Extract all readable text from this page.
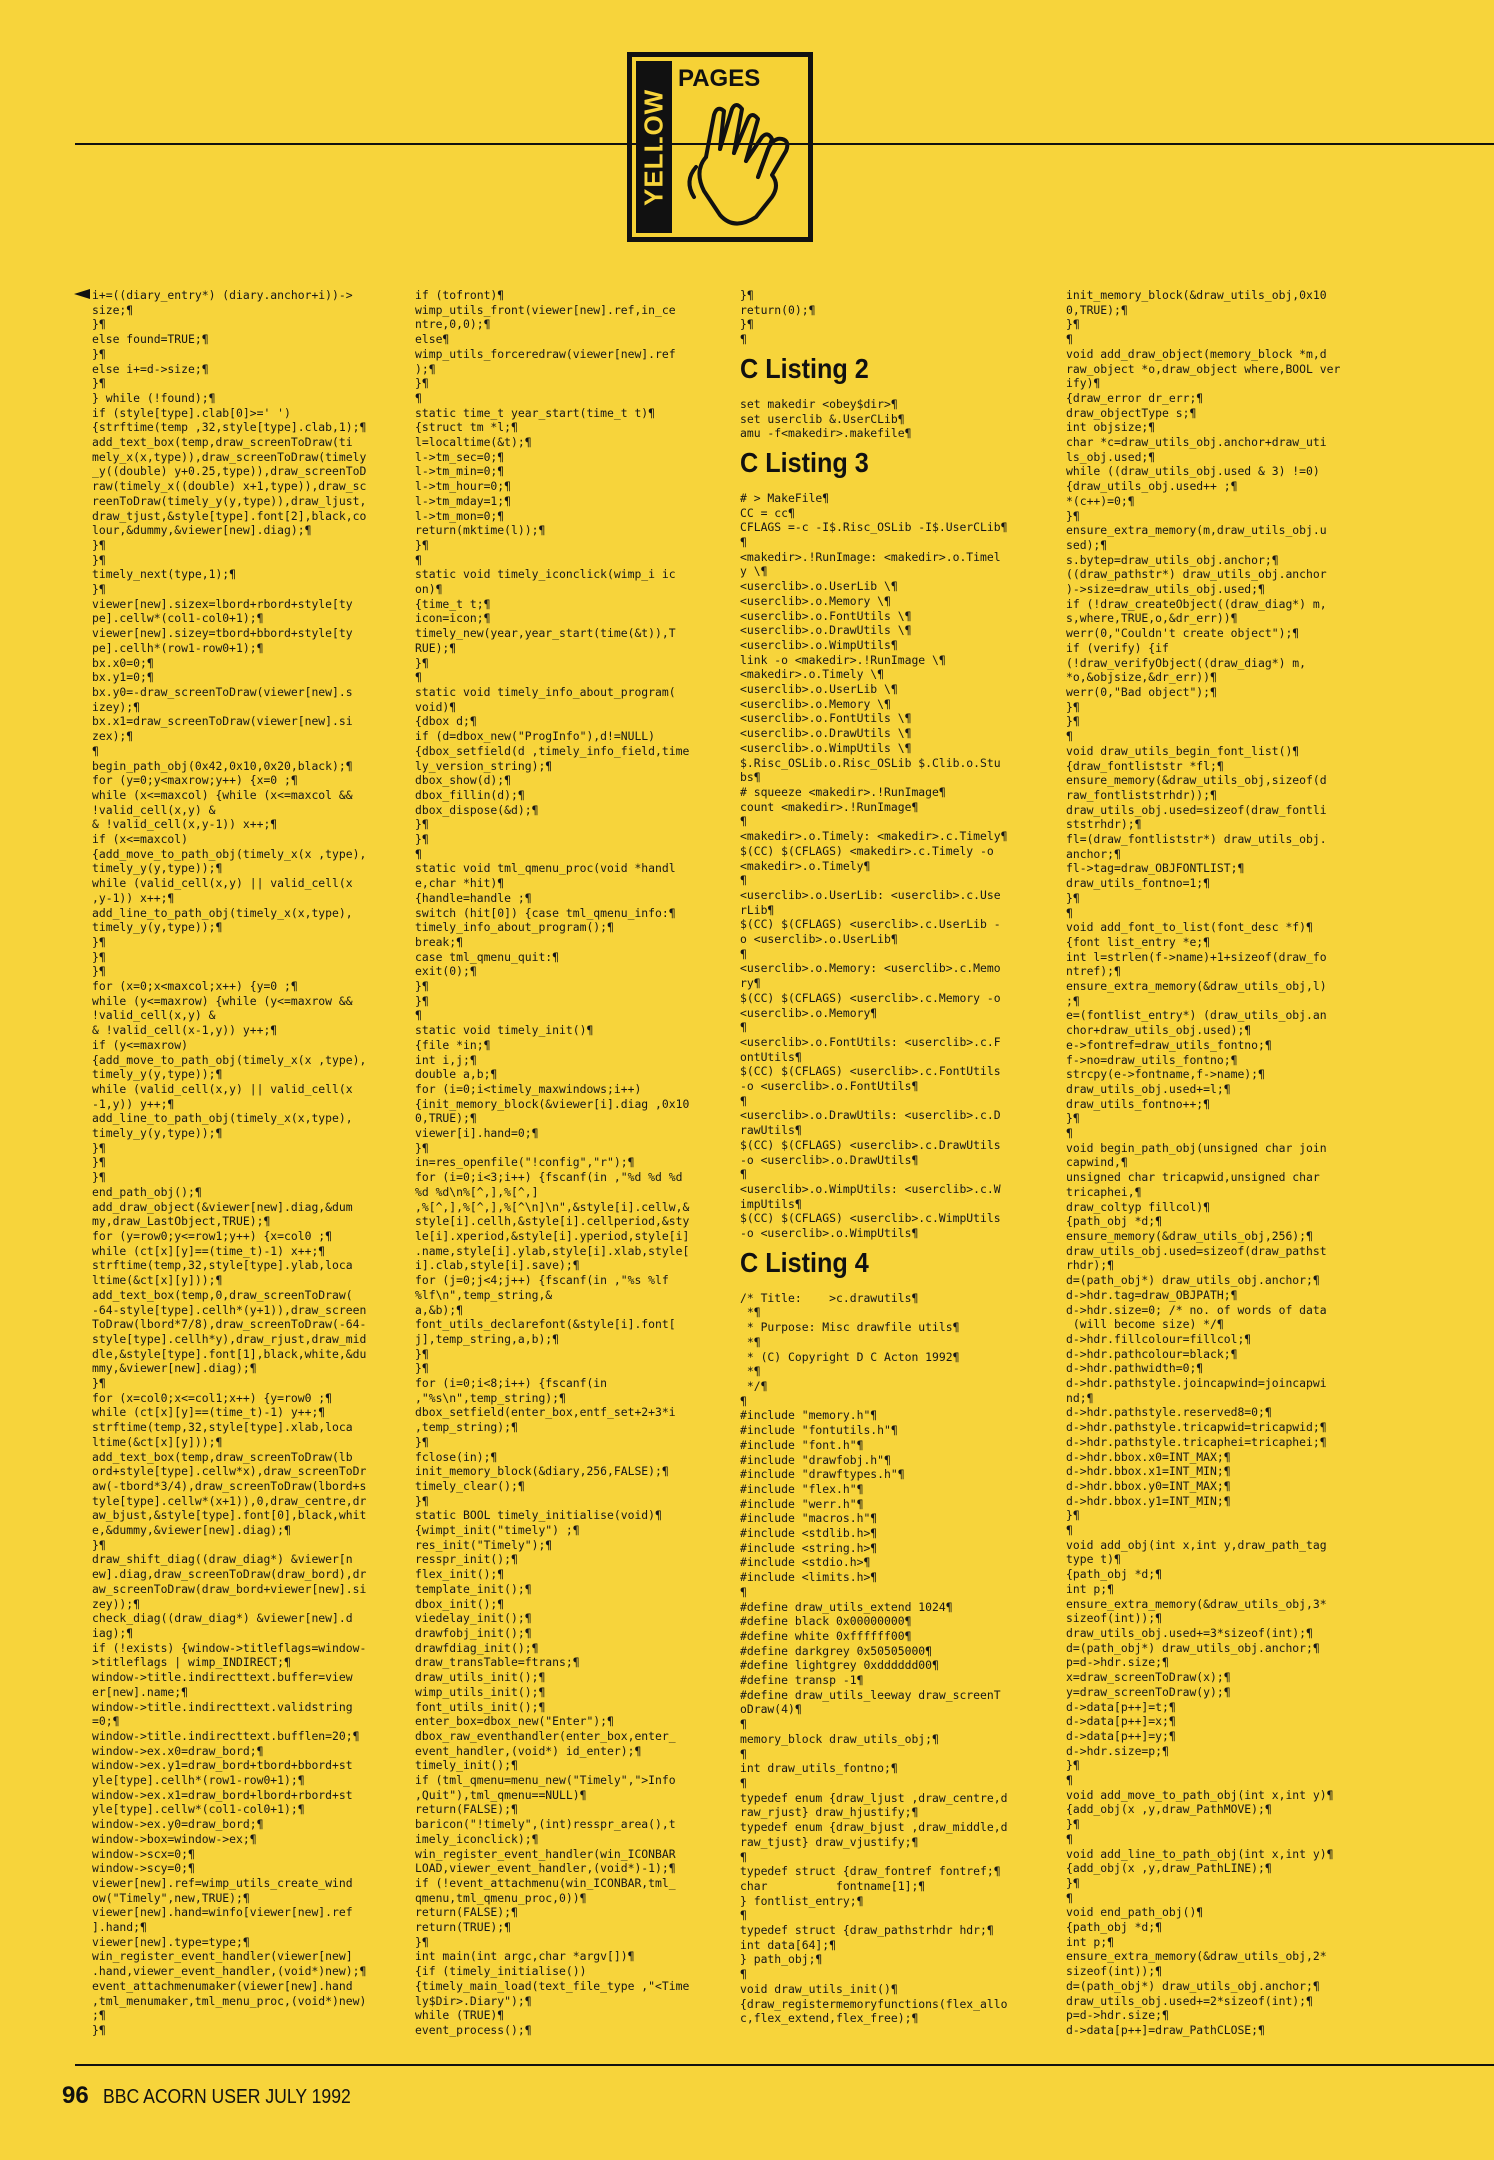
YELLOW
PAGES
i+=((diary_entry*) (diary.anchor+i))->
size;¶
}¶
else found=TRUE;¶
}¶
else i+=d->size;¶
}¶
} while (!found);¶
if (style[type].clab[0]>=' ')
{strftime(temp ,32,style[type].clab,1);¶
add_text_box(temp,draw_screenToDraw(ti
mely_x(x,type)),draw_screenToDraw(timely
_y((double) y+0.25,type)),draw_screenToD
raw(timely_x((double) x+1,type)),draw_sc
reenToDraw(timely_y(y,type)),draw_ljust,
draw_tjust,&style[type].font[2],black,co
lour,&dummy,&viewer[new].diag);¶
}¶
}¶
timely_next(type,1);¶
}¶
viewer[new].sizex=lbord+rbord+style[ty
pe].cellw*(col1-col0+1);¶
viewer[new].sizey=tbord+bbord+style[ty
pe].cellh*(row1-row0+1);¶
bx.x0=0;¶
bx.y1=0;¶
bx.y0=-draw_screenToDraw(viewer[new].s
izey);¶
bx.x1=draw_screenToDraw(viewer[new].si
zex);¶
¶
begin_path_obj(0x42,0x10,0x20,black);¶
for (y=0;y<maxrow;y++) {x=0 ;¶
while (x<=maxcol) {while (x<=maxcol &&
!valid_cell(x,y) &
& !valid_cell(x,y-1)) x++;¶
if (x<=maxcol)
{add_move_to_path_obj(timely_x(x ,type),
timely_y(y,type));¶
while (valid_cell(x,y) || valid_cell(x
,y-1)) x++;¶
add_line_to_path_obj(timely_x(x,type),
timely_y(y,type));¶
}¶
}¶
}¶
for (x=0;x<maxcol;x++) {y=0 ;¶
while (y<=maxrow) {while (y<=maxrow &&
!valid_cell(x,y) &
& !valid_cell(x-1,y)) y++;¶
if (y<=maxrow)
{add_move_to_path_obj(timely_x(x ,type),
timely_y(y,type));¶
while (valid_cell(x,y) || valid_cell(x
-1,y)) y++;¶
add_line_to_path_obj(timely_x(x,type),
timely_y(y,type));¶
}¶
}¶
}¶
end_path_obj();¶
add_draw_object(&viewer[new].diag,&dum
my,draw_LastObject,TRUE);¶
for (y=row0;y<=row1;y++) {x=col0 ;¶
while (ct[x][y]==(time_t)-1) x++;¶
strftime(temp,32,style[type].ylab,loca
ltime(&ct[x][y]));¶
add_text_box(temp,0,draw_screenToDraw(
-64-style[type].cellh*(y+1)),draw_screen
ToDraw(lbord*7/8),draw_screenToDraw(-64-
style[type].cellh*y),draw_rjust,draw_mid
dle,&style[type].font[1],black,white,&du
mmy,&viewer[new].diag);¶
}¶
for (x=col0;x<=col1;x++) {y=row0 ;¶
while (ct[x][y]==(time_t)-1) y++;¶
strftime(temp,32,style[type].xlab,loca
ltime(&ct[x][y]));¶
add_text_box(temp,draw_screenToDraw(lb
ord+style[type].cellw*x),draw_screenToDr
aw(-tbord*3/4),draw_screenToDraw(lbord+s
tyle[type].cellw*(x+1)),0,draw_centre,dr
aw_bjust,&style[type].font[0],black,whit
e,&dummy,&viewer[new].diag);¶
}¶
draw_shift_diag((draw_diag*) &viewer[n
ew].diag,draw_screenToDraw(draw_bord),dr
aw_screenToDraw(draw_bord+viewer[new].si
zey));¶
check_diag((draw_diag*) &viewer[new].d
iag);¶
if (!exists) {window->titleflags=window-
>titleflags | wimp_INDIRECT;¶
window->title.indirecttext.buffer=view
er[new].name;¶
window->title.indirecttext.validstring
=0;¶
window->title.indirecttext.bufflen=20;¶
window->ex.x0=draw_bord;¶
window->ex.y1=draw_bord+tbord+bbord+st
yle[type].cellh*(row1-row0+1);¶
window->ex.x1=draw_bord+lbord+rbord+st
yle[type].cellw*(col1-col0+1);¶
window->ex.y0=draw_bord;¶
window->box=window->ex;¶
window->scx=0;¶
window->scy=0;¶
viewer[new].ref=wimp_utils_create_wind
ow("Timely",new,TRUE);¶
viewer[new].hand=winfo[viewer[new].ref
].hand;¶
viewer[new].type=type;¶
win_register_event_handler(viewer[new]
.hand,viewer_event_handler,(void*)new);¶
event_attachmenumaker(viewer[new].hand
,tml_menumaker,tml_menu_proc,(void*)new)
;¶
}¶
if (tofront)¶
wimp_utils_front(viewer[new].ref,in_ce
ntre,0,0);¶
else¶
wimp_utils_forceredraw(viewer[new].ref
);¶
}¶
¶
static time_t year_start(time_t t)¶
{struct tm *l;¶
l=localtime(&t);¶
l->tm_sec=0;¶
l->tm_min=0;¶
l->tm_hour=0;¶
l->tm_mday=1;¶
l->tm_mon=0;¶
return(mktime(l));¶
}¶
¶
static void timely_iconclick(wimp_i ic
on)¶
{time_t t;¶
icon=icon;¶
timely_new(year,year_start(time(&t)),T
RUE);¶
}¶
¶
static void timely_info_about_program(
void)¶
{dbox d;¶
if (d=dbox_new("ProgInfo"),d!=NULL)
{dbox_setfield(d ,timely_info_field,time
ly_version_string);¶
dbox_show(d);¶
dbox_fillin(d);¶
dbox_dispose(&d);¶
}¶
}¶
¶
static void tml_qmenu_proc(void *handl
e,char *hit)¶
{handle=handle ;¶
switch (hit[0]) {case tml_qmenu_info:¶
timely_info_about_program();¶
break;¶
case tml_qmenu_quit:¶
exit(0);¶
}¶
}¶
¶
static void timely_init()¶
{file *in;¶
int i,j;¶
double a,b;¶
for (i=0;i<timely_maxwindows;i++)
{init_memory_block(&viewer[i].diag ,0x10
0,TRUE);¶
viewer[i].hand=0;¶
}¶
in=res_openfile("!config","r");¶
for (i=0;i<3;i++) {fscanf(in ,"%d %d %d
%d %d\n%[^,],%[^,]
,%[^,],%[^,],%[^\n]\n",&style[i].cellw,&
style[i].cellh,&style[i].cellperiod,&sty
le[i].xperiod,&style[i].yperiod,style[i]
.name,style[i].ylab,style[i].xlab,style[
i].clab,style[i].save);¶
for (j=0;j<4;j++) {fscanf(in ,"%s %lf
%lf\n",temp_string,&
a,&b);¶
font_utils_declarefont(&style[i].font[
j],temp_string,a,b);¶
}¶
}¶
for (i=0;i<8;i++) {fscanf(in
,"%s\n",temp_string);¶
dbox_setfield(enter_box,entf_set+2+3*i
,temp_string);¶
}¶
fclose(in);¶
init_memory_block(&diary,256,FALSE);¶
timely_clear();¶
}¶
static BOOL timely_initialise(void)¶
{wimpt_init("timely") ;¶
res_init("Timely");¶
resspr_init();¶
flex_init();¶
template_init();¶
dbox_init();¶
viedelay_init();¶
drawfobj_init();¶
drawfdiag_init();¶
draw_transTable=ftrans;¶
draw_utils_init();¶
wimp_utils_init();¶
font_utils_init();¶
enter_box=dbox_new("Enter");¶
dbox_raw_eventhandler(enter_box,enter_
event_handler,(void*) id_enter);¶
timely_init();¶
if (tml_qmenu=menu_new("Timely",">Info
,Quit"),tml_qmenu==NULL)¶
return(FALSE);¶
baricon("!timely",(int)resspr_area(),t
imely_iconclick);¶
win_register_event_handler(win_ICONBAR
LOAD,viewer_event_handler,(void*)-1);¶
if (!event_attachmenu(win_ICONBAR,tml_
qmenu,tml_qmenu_proc,0))¶
return(FALSE);¶
return(TRUE);¶
}¶
int main(int argc,char *argv[])¶
{if (timely_initialise())
{timely_main_load(text_file_type ,"<Time
ly$Dir>.Diary");¶
while (TRUE)¶
event_process();¶
}¶
return(0);¶
}¶
¶
C Listing 2
set makedir <obey$dir>¶
set userclib &.UserCLib¶
amu -f<makedir>.makefile¶
C Listing 3
# > MakeFile¶
CC = cc¶
CFLAGS =-c -I$.Risc_OSLib -I$.UserCLib¶
¶
<makedir>.!RunImage: <makedir>.o.Timel
y \¶
<userclib>.o.UserLib \¶
<userclib>.o.Memory \¶
<userclib>.o.FontUtils \¶
<userclib>.o.DrawUtils \¶
<userclib>.o.WimpUtils¶
link -o <makedir>.!RunImage \¶
<makedir>.o.Timely \¶
<userclib>.o.UserLib \¶
<userclib>.o.Memory \¶
<userclib>.o.FontUtils \¶
<userclib>.o.DrawUtils \¶
<userclib>.o.WimpUtils \¶
$.Risc_OSLib.o.Risc_OSLib $.Clib.o.Stu
bs¶
# squeeze <makedir>.!RunImage¶
count <makedir>.!RunImage¶
¶
<makedir>.o.Timely: <makedir>.c.Timely¶
$(CC) $(CFLAGS) <makedir>.c.Timely -o
<makedir>.o.Timely¶
¶
<userclib>.o.UserLib: <userclib>.c.Use
rLib¶
$(CC) $(CFLAGS) <userclib>.c.UserLib -
o <userclib>.o.UserLib¶
¶
<userclib>.o.Memory: <userclib>.c.Memo
ry¶
$(CC) $(CFLAGS) <userclib>.c.Memory -o
<userclib>.o.Memory¶
¶
<userclib>.o.FontUtils: <userclib>.c.F
ontUtils¶
$(CC) $(CFLAGS) <userclib>.c.FontUtils
-o <userclib>.o.FontUtils¶
¶
<userclib>.o.DrawUtils: <userclib>.c.D
rawUtils¶
$(CC) $(CFLAGS) <userclib>.c.DrawUtils
-o <userclib>.o.DrawUtils¶
¶
<userclib>.o.WimpUtils: <userclib>.c.W
impUtils¶
$(CC) $(CFLAGS) <userclib>.c.WimpUtils
-o <userclib>.o.WimpUtils¶
C Listing 4
/* Title:    >c.drawutils¶
*¶
* Purpose: Misc drawfile utils¶
*¶
* (C) Copyright D C Acton 1992¶
*¶
*/¶
¶
#include "memory.h"¶
#include "fontutils.h"¶
#include "font.h"¶
#include "drawfobj.h"¶
#include "drawftypes.h"¶
#include "flex.h"¶
#include "werr.h"¶
#include "macros.h"¶
#include <stdlib.h>¶
#include <string.h>¶
#include <stdio.h>¶
#include <limits.h>¶
¶
#define draw_utils_extend 1024¶
#define black 0x00000000¶
#define white 0xffffff00¶
#define darkgrey 0x50505000¶
#define lightgrey 0xdddddd00¶
#define transp -1¶
#define draw_utils_leeway draw_screenT
oDraw(4)¶
¶
memory_block draw_utils_obj;¶
¶
int draw_utils_fontno;¶
¶
typedef enum {draw_ljust ,draw_centre,d
raw_rjust} draw_hjustify;¶
typedef enum {draw_bjust ,draw_middle,d
raw_tjust} draw_vjustify;¶
¶
typedef struct {draw_fontref fontref;¶
char          fontname[1];¶
} fontlist_entry;¶
¶
typedef struct {draw_pathstrhdr hdr;¶
int data[64];¶
} path_obj;¶
¶
void draw_utils_init()¶
{draw_registermemoryfunctions(flex_allo
c,flex_extend,flex_free);¶
init_memory_block(&draw_utils_obj,0x10
0,TRUE);¶
}¶
¶
void add_draw_object(memory_block *m,d
raw_object *o,draw_object where,BOOL ver
ify)¶
{draw_error dr_err;¶
draw_objectType s;¶
int objsize;¶
char *c=draw_utils_obj.anchor+draw_uti
ls_obj.used;¶
while ((draw_utils_obj.used & 3) !=0)
{draw_utils_obj.used++ ;¶
*(c++)=0;¶
}¶
ensure_extra_memory(m,draw_utils_obj.u
sed);¶
s.bytep=draw_utils_obj.anchor;¶
((draw_pathstr*) draw_utils_obj.anchor
)->size=draw_utils_obj.used;¶
if (!draw_createObject((draw_diag*) m,
s,where,TRUE,o,&dr_err))¶
werr(0,"Couldn't create object");¶
if (verify) {if
(!draw_verifyObject((draw_diag*) m,
*o,&objsize,&dr_err))¶
werr(0,"Bad object");¶
}¶
}¶
¶
void draw_utils_begin_font_list()¶
{draw_fontliststr *fl;¶
ensure_memory(&draw_utils_obj,sizeof(d
raw_fontliststrhdr));¶
draw_utils_obj.used=sizeof(draw_fontli
ststrhdr);¶
fl=(draw_fontliststr*) draw_utils_obj.
anchor;¶
fl->tag=draw_OBJFONTLIST;¶
draw_utils_fontno=1;¶
}¶
¶
void add_font_to_list(font_desc *f)¶
{font list_entry *e;¶
int l=strlen(f->name)+1+sizeof(draw_fo
ntref);¶
ensure_extra_memory(&draw_utils_obj,l)
;¶
e=(fontlist_entry*) (draw_utils_obj.an
chor+draw_utils_obj.used);¶
e->fontref=draw_utils_fontno;¶
f->no=draw_utils_fontno;¶
strcpy(e->fontname,f->name);¶
draw_utils_obj.used+=l;¶
draw_utils_fontno++;¶
}¶
¶
void begin_path_obj(unsigned char join
capwind,¶
unsigned char tricapwid,unsigned char
tricaphei,¶
draw_coltyp fillcol)¶
{path_obj *d;¶
ensure_memory(&draw_utils_obj,256);¶
draw_utils_obj.used=sizeof(draw_pathst
rhdr);¶
d=(path_obj*) draw_utils_obj.anchor;¶
d->hdr.tag=draw_OBJPATH;¶
d->hdr.size=0; /* no. of words of data
(will become size) */¶
d->hdr.fillcolour=fillcol;¶
d->hdr.pathcolour=black;¶
d->hdr.pathwidth=0;¶
d->hdr.pathstyle.joincapwind=joincapwi
nd;¶
d->hdr.pathstyle.reserved8=0;¶
d->hdr.pathstyle.tricapwid=tricapwid;¶
d->hdr.pathstyle.tricaphei=tricaphei;¶
d->hdr.bbox.x0=INT_MAX;¶
d->hdr.bbox.x1=INT_MIN;¶
d->hdr.bbox.y0=INT_MAX;¶
d->hdr.bbox.y1=INT_MIN;¶
}¶
¶
void add_obj(int x,int y,draw_path_tag
type t)¶
{path_obj *d;¶
int p;¶
ensure_extra_memory(&draw_utils_obj,3*
sizeof(int));¶
draw_utils_obj.used+=3*sizeof(int);¶
d=(path_obj*) draw_utils_obj.anchor;¶
p=d->hdr.size;¶
x=draw_screenToDraw(x);¶
y=draw_screenToDraw(y);¶
d->data[p++]=t;¶
d->data[p++]=x;¶
d->data[p++]=y;¶
d->hdr.size=p;¶
}¶
¶
void add_move_to_path_obj(int x,int y)¶
{add_obj(x ,y,draw_PathMOVE);¶
}¶
¶
void add_line_to_path_obj(int x,int y)¶
{add_obj(x ,y,draw_PathLINE);¶
}¶
¶
void end_path_obj()¶
{path_obj *d;¶
int p;¶
ensure_extra_memory(&draw_utils_obj,2*
sizeof(int));¶
d=(path_obj*) draw_utils_obj.anchor;¶
draw_utils_obj.used+=2*sizeof(int);¶
p=d->hdr.size;¶
d->data[p++]=draw_PathCLOSE;¶
96 BBC ACORN USER JULY 1992
